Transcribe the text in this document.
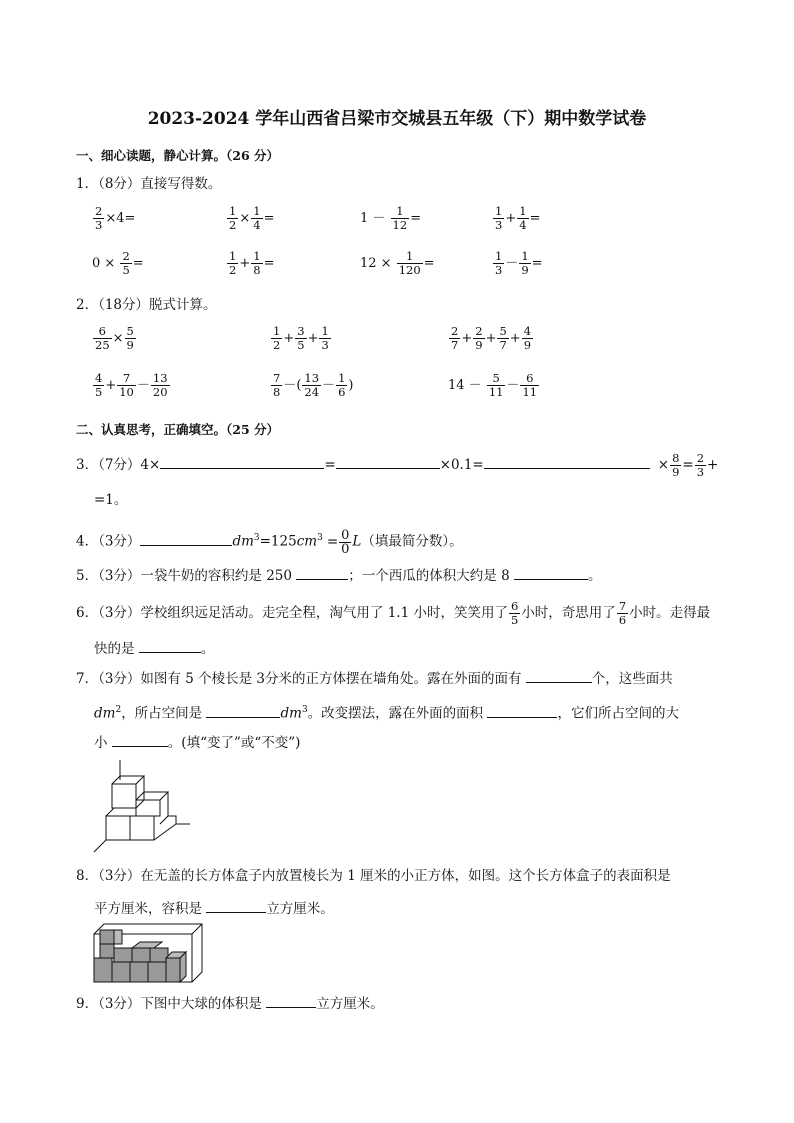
2023-2024 学年山西省吕梁市交城县五年级（下）期中数学试卷
一、细心读题，静心计算。（26 分）
1．（8分）直接写得数。
$\frac{2}{3} \times 4=$	$\frac{1}{2} \times \frac{1}{4}$ =	$1 - \frac{1}{12}$ =	$\frac{1}{3} + \frac{1}{4}$ =
$0 \times \frac{2}{5}$ =	$\frac{1}{2} + \frac{1}{8}$ =	$12 \times \frac{1}{120}$ =	$\frac{1}{3} - \frac{1}{9}$ =
2．（18分）脱式计算。
$\frac{6}{25} \times \frac{5}{9}$	$\frac{1}{2} + \frac{3}{5} + \frac{1}{3}$	$\frac{2}{7} + \frac{2}{9} + \frac{5}{7} + \frac{4}{9}$
$\frac{4}{5} + \frac{7}{10} - \frac{13}{20}$	$\frac{7}{8}$ －( $\frac{13}{24} - \frac{1}{6}$ )	$14 - \frac{5}{11} - \frac{6}{11}$
二、认真思考，正确填空。（25 分）
3．（7分）4×	=	×0.1=	× $\frac{8}{9} = \frac{2}{3}$ +
=1。
4．（3分）	$dm^3=125cm^3 = \frac{0}{0} L$（填最简分数）。
5．（3分）一袋牛奶的容积约是 250	；一个西瓜的体积大约是 8	。
6．（3分）学校组织远足活动。走完全程，淘气用了 1.1 小时，笑笑用了 $\frac{6}{5}$ 小时，奇思用了 $\frac{7}{6}$ 小时。走得最
快的是	。
7．（3分）如图有 5 个棱长是 3分米的正方体摆在墙角处。露在外面的面有	个，这些面共
$dm^2$，所占空间是	$dm^3$。改变摆法，露在外面的面积	，它们所占空间的大
小	。(填“变了”或“不变”)
8．（3分）在无盖的长方体盒子内放置棱长为 1 厘米的小正方体，如图。这个长方体盒子的表面积是
平方厘米，容积是	立方厘米。
9．（3分）下图中大球的体积是	立方厘米。
